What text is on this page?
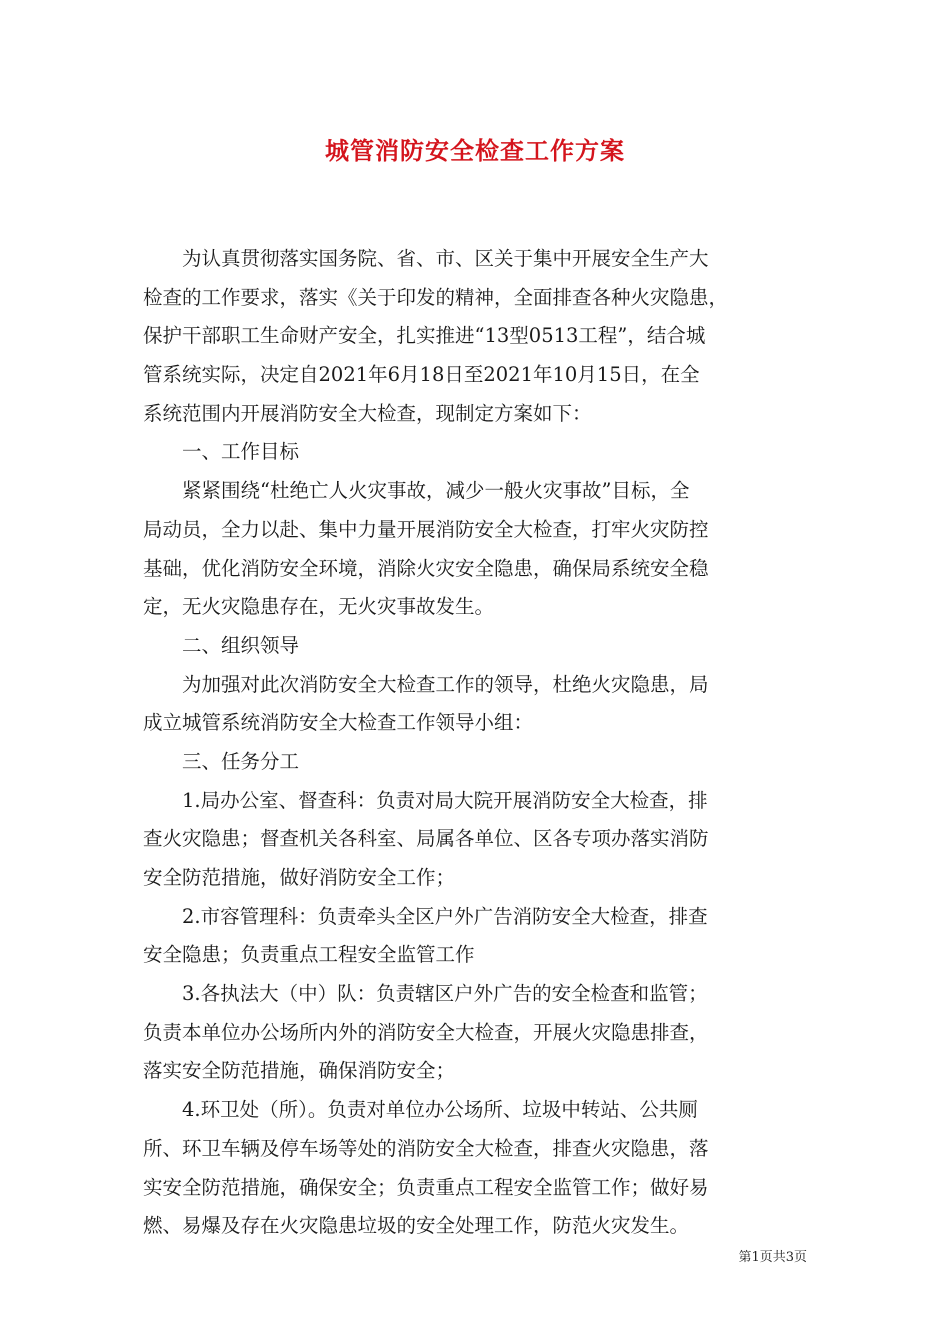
城管消防安全检查工作方案
为认真贯彻落实国务院、省、市、区关于集中开展安全生产大
检查的工作要求，落实《关于印发的精神，全面排查各种火灾隐患，
保护干部职工生命财产安全，扎实推进“13型0513工程”，结合城
管系统实际，决定自2021年6月18日至2021年10月15日，在全
系统范围内开展消防安全大检查，现制定方案如下：
一、工作目标
紧紧围绕“杜绝亡人火灾事故，减少一般火灾事故”目标，全
局动员，全力以赴、集中力量开展消防安全大检查，打牢火灾防控
基础，优化消防安全环境，消除火灾安全隐患，确保局系统安全稳
定，无火灾隐患存在，无火灾事故发生。
二、组织领导
为加强对此次消防安全大检查工作的领导，杜绝火灾隐患，局
成立城管系统消防安全大检查工作领导小组：
三、任务分工
1.局办公室、督查科：负责对局大院开展消防安全大检查，排
查火灾隐患；督查机关各科室、局属各单位、区各专项办落实消防
安全防范措施，做好消防安全工作；
2.市容管理科：负责牵头全区户外广告消防安全大检查，排查
安全隐患；负责重点工程安全监管工作
3.各执法大（中）队：负责辖区户外广告的安全检查和监管；
负责本单位办公场所内外的消防安全大检查，开展火灾隐患排查，
落实安全防范措施，确保消防安全；
4.环卫处（所）。负责对单位办公场所、垃圾中转站、公共厕
所、环卫车辆及停车场等处的消防安全大检查，排查火灾隐患，落
实安全防范措施，确保安全；负责重点工程安全监管工作；做好易
燃、易爆及存在火灾隐患垃圾的安全处理工作，防范火灾发生。
第1页共3页
